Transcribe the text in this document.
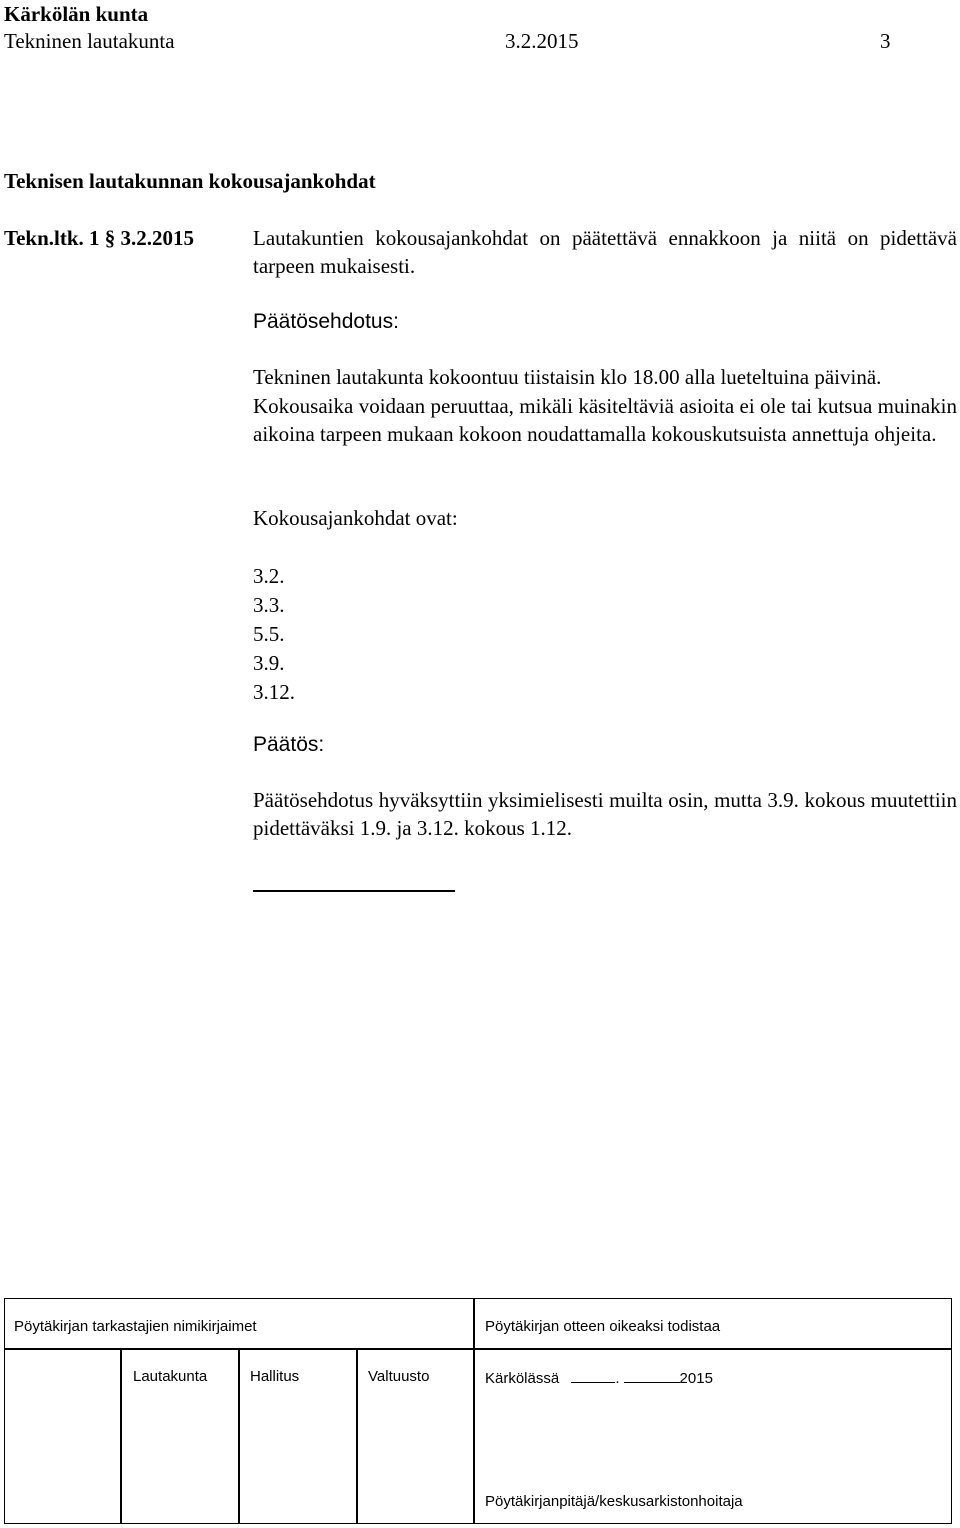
Kärkölän kunta
Tekninen lautakunta	3.2.2015	3
Teknisen lautakunnan kokousajankohdat
Tekn.ltk. 1 § 3.2.2015	Lautakuntien kokousajankohdat on päätettävä ennakkoon ja niitä on pidettävä tarpeen mukaisesti.
Päätösehdotus:
Tekninen lautakunta kokoontuu tiistaisin klo 18.00 alla lueteltuina päivinä.
Kokousaika voidaan peruuttaa, mikäli käsiteltäviä asioita ei ole tai kutsua muinakin aikoina tarpeen mukaan kokoon noudattamalla kokouskutsuista annettuja ohjeita.
Kokousajankohdat ovat:
3.2.
3.3.
5.5.
3.9.
3.12.
Päätös:
Päätösehdotus hyväksyttiin yksimielisesti muilta osin, mutta 3.9. kokous muutettiin pidettäväksi 1.9. ja 3.12. kokous 1.12.
Pöytäkirjan tarkastajien nimikirjaimet	Pöytäkirjan otteen oikeaksi todistaa
Lautakunta	Hallitus	Valtuusto	Kärkölässä	.	2015
Pöytäkirjanpitäjä/keskusarkistonhoitaja
